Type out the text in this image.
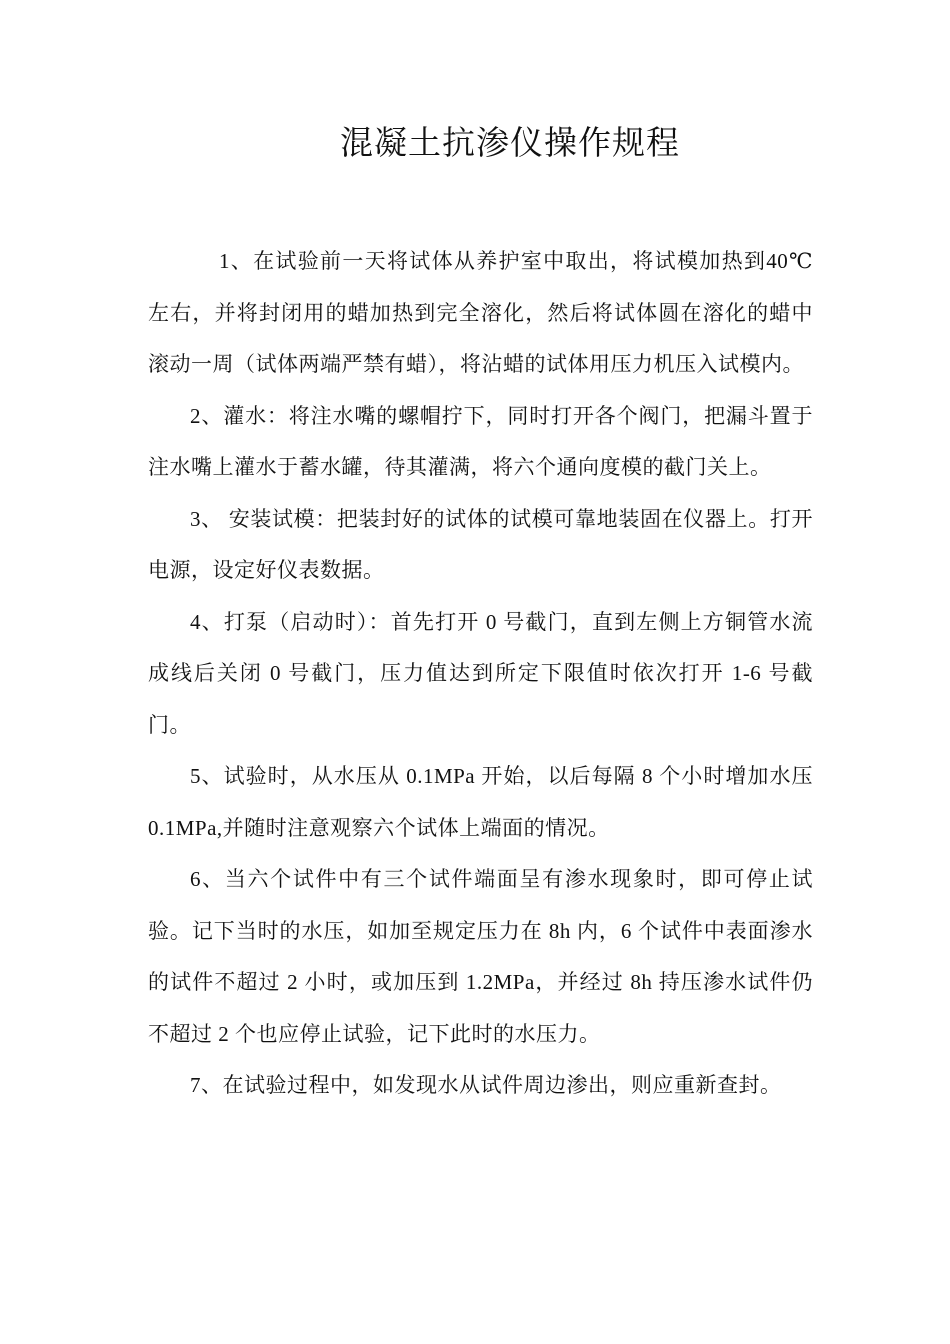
混凝土抗渗仪操作规程

1、在试验前一天将试体从养护室中取出，将试模加热到40℃左右，并将封闭用的蜡加热到完全溶化，然后将试体圆在溶化的蜡中滚动一周（试体两端严禁有蜡），将沾蜡的试体用压力机压入试模内。

2、灌水：将注水嘴的螺帽拧下，同时打开各个阀门，把漏斗置于注水嘴上灌水于蓄水罐，待其灌满，将六个通向度模的截门关上。

3、 安装试模：把装封好的试体的试模可靠地装固在仪器上。打开电源，设定好仪表数据。

4、打泵（启动时）：首先打开 0 号截门，直到左侧上方铜管水流成线后关闭 0 号截门，压力值达到所定下限值时依次打开 1-6 号截门。

5、试验时，从水压从 0.1MPa 开始，以后每隔 8 个小时增加水压 0.1MPa,并随时注意观察六个试体上端面的情况。

6、当六个试件中有三个试件端面呈有渗水现象时，即可停止试验。记下当时的水压，如加至规定压力在 8h 内，6 个试件中表面渗水的试件不超过 2 小时，或加压到 1.2MPa，并经过 8h 持压渗水试件仍不超过 2 个也应停止试验，记下此时的水压力。

7、在试验过程中，如发现水从试件周边渗出，则应重新查封。
